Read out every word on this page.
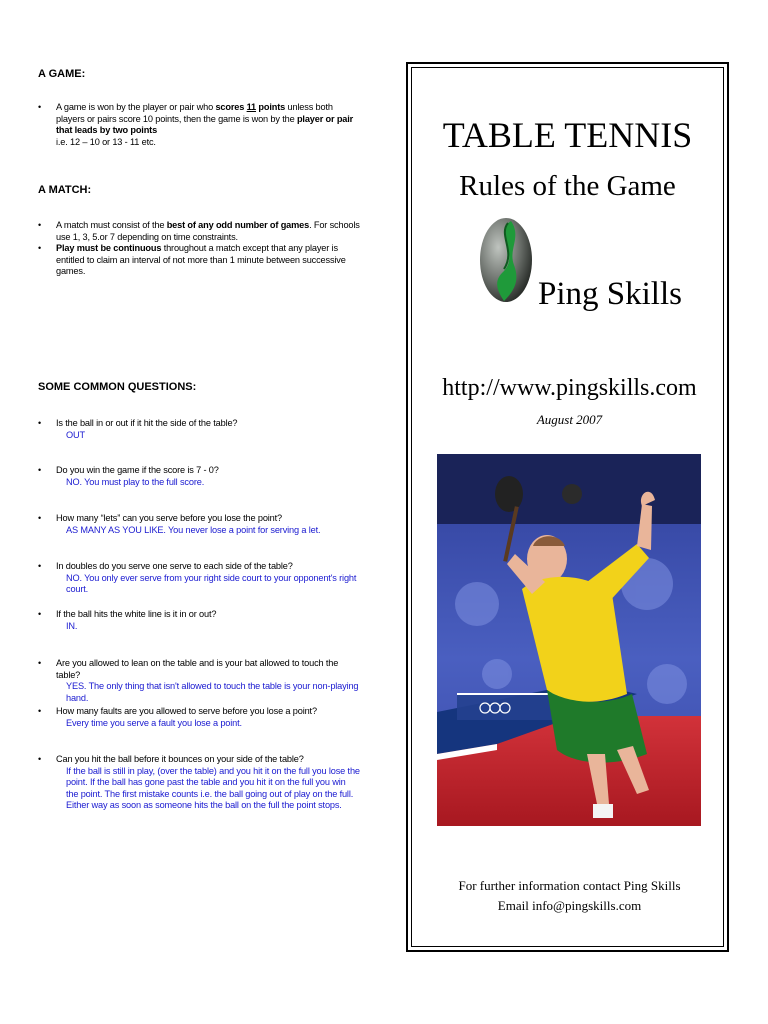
A GAME:
• A game is won by the player or pair who scores 11 points unless both players or pairs score 10 points, then the game is won by the player or pair that leads by two points
i.e. 12 – 10 or 13 - 11 etc.
A MATCH:
• A match must consist of the best of any odd number of games. For schools use 1, 3, 5.or 7 depending on time constraints.
• Play must be continuous throughout a match except that any player is entitled to claim an interval of not more than 1 minute between successive games.
SOME COMMON QUESTIONS:
• Is the ball in or out if it hit the side of the table?
OUT
• Do you win the game if the score is 7 - 0?
NO. You must play to the full score.
• How many “lets” can you serve before you lose the point?
AS MANY AS YOU LIKE. You never lose a point for serving a let.
• In doubles do you serve one serve to each side of the table?
NO. You only ever serve from your right side court to your opponent's right court.
• If the ball hits the white line is it in or out?
IN.
• Are you allowed to lean on the table and is your bat allowed to touch the table?
YES. The only thing that isn't allowed to touch the table is your non-playing hand.
• How many faults are you allowed to serve before you lose a point?
Every time you serve a fault you lose a point.
• Can you hit the ball before it bounces on your side of the table?
If the ball is still in play, (over the table) and you hit it on the full you lose the point. If the ball has gone past the table and you hit it on the full you win the point. The first mistake counts i.e. the ball going out of play on the full. Either way as soon as someone hits the ball on the full the point stops.
TABLE TENNIS
Rules of the Game
Ping Skills
http://www.pingskills.com
August 2007
For further information contact Ping Skills
Email info@pingskills.com
